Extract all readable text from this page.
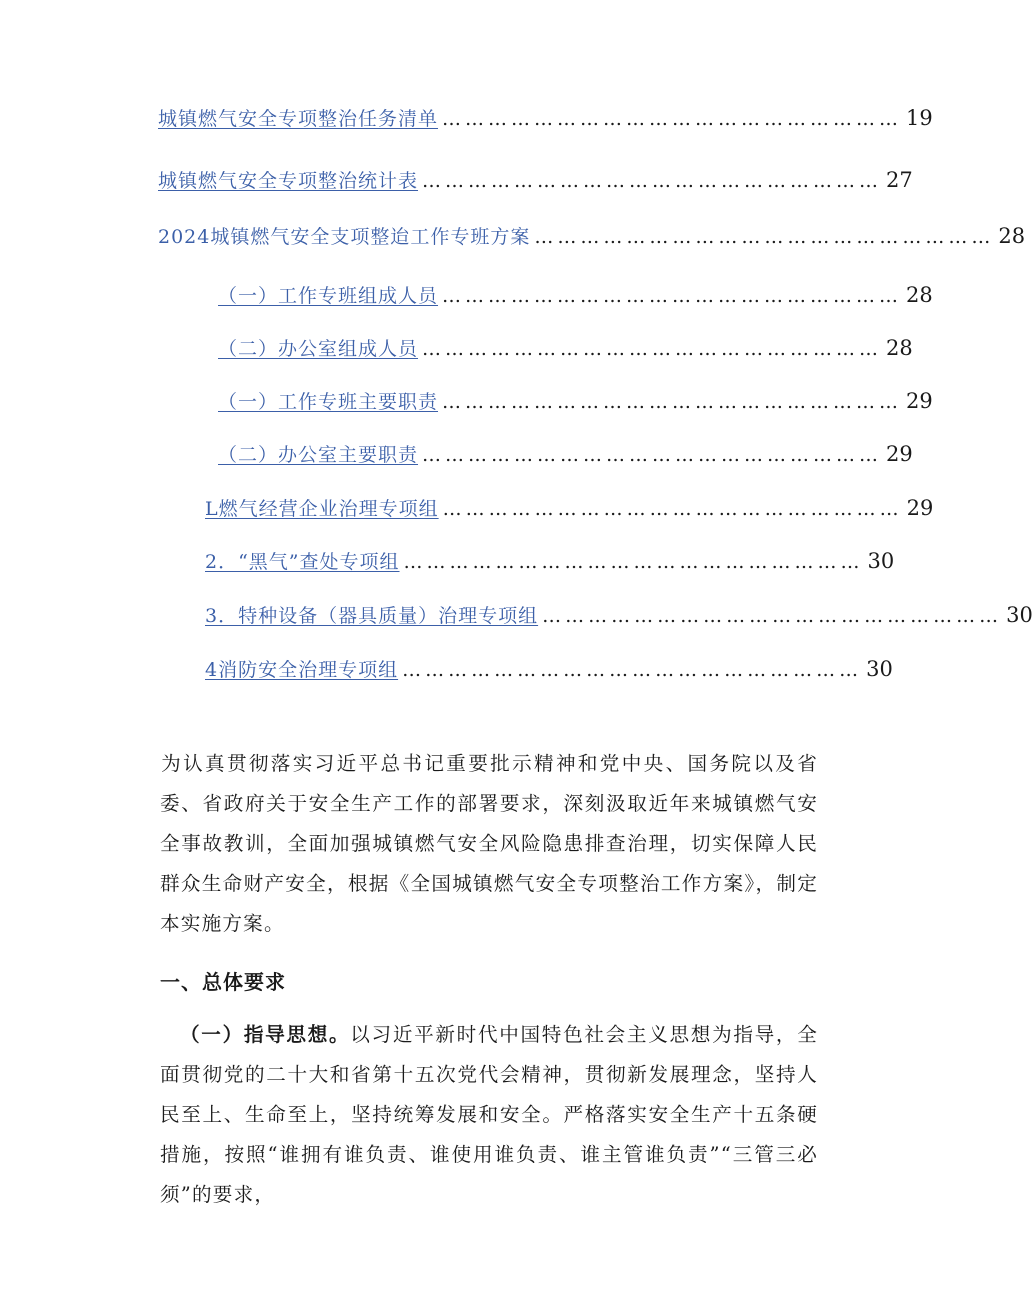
城镇燃气安全专项整治任务清单 …………………………………………………… 19
城镇燃气安全专项整治统计表 …………………………………………………… 27
2024城镇燃气安全支项整迨工作专班方案 …………………………………………………… 28
（一）工作专班组成人员 …………………………………………………… 28
（二）办公室组成人员 …………………………………………………… 28
（一）工作专班主要职责 …………………………………………………… 29
（二）办公室主要职责 …………………………………………………… 29
L燃气经营企业治理专项组 …………………………………………………… 29
2．“黑气”查处专项组 …………………………………………………… 30
3．特种设备（器具质量）治理专项组 …………………………………………………… 30
4消防安全治理专项组 …………………………………………………… 30

为认真贯彻落实习近平总书记重要批示精神和党中央、国务院以及省委、省政府关于安全生产工作的部署要求，深刻汲取近年来城镇燃气安全事故教训，全面加强城镇燃气安全风险隐患排查治理，切实保障人民群众生命财产安全，根据《全国城镇燃气安全专项整治工作方案》，制定本实施方案。

一、总体要求

（一）指导思想。以习近平新时代中国特色社会主义思想为指导，全面贯彻党的二十大和省第十五次党代会精神，贯彻新发展理念，坚持人民至上、生命至上，坚持统筹发展和安全。严格落实安全生产十五条硬措施，按照“谁拥有谁负责、谁使用谁负责、谁主管谁负责”“三管三必须”的要求，
